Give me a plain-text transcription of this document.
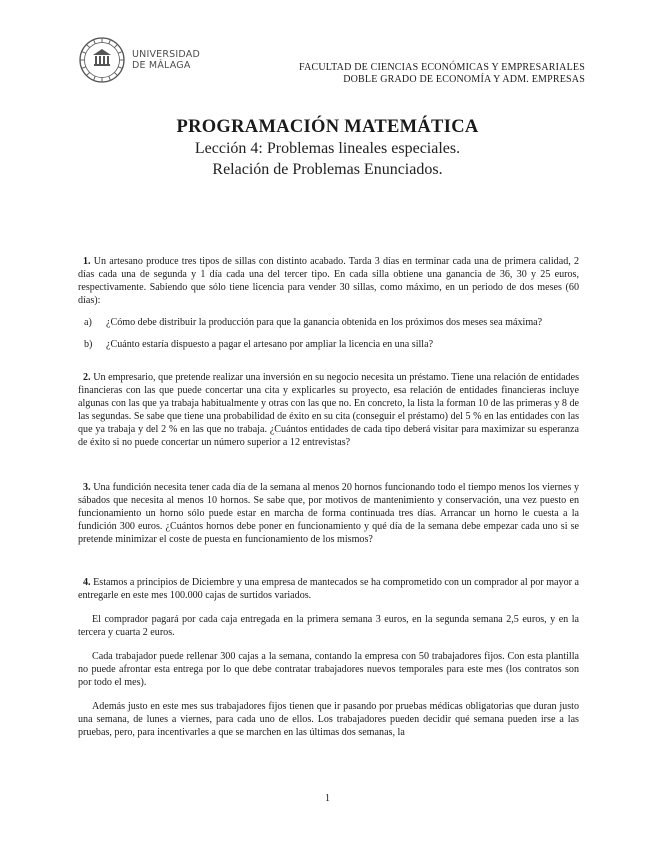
UNIVERSIDAD
DE MÁLAGA	FACULTAD DE CIENCIAS ECONÓMICAS Y EMPRESARIALES
DOBLE GRADO DE ECONOMÍA Y ADM. EMPRESAS
PROGRAMACIÓN MATEMÁTICA
Lección 4: Problemas lineales especiales.
Relación de Problemas Enunciados.

1. Un artesano produce tres tipos de sillas con distinto acabado. Tarda 3 días en terminar cada una de primera calidad, 2 días cada una de segunda y 1 día cada una del tercer tipo. En cada silla obtiene una ganancia de 36, 30 y 25 euros, respectivamente. Sabiendo que sólo tiene licencia para vender 30 sillas, como máximo, en un periodo de dos meses (60 días):

a)	¿Cómo debe distribuir la producción para que la ganancia obtenida en los próximos dos meses sea máxima?
b)	¿Cuánto estaría dispuesto a pagar el artesano por ampliar la licencia en una silla?

2. Un empresario, que pretende realizar una inversión en su negocio necesita un préstamo. Tiene una relación de entidades financieras con las que puede concertar una cita y explicarles su proyecto, esa relación de entidades financieras incluye algunas con las que ya trabaja habitualmente y otras con las que no. En concreto, la lista la forman 10 de las primeras y 8 de las segundas. Se sabe que tiene una probabilidad de éxito en su cita (conseguir el préstamo) del 5 % en las entidades con las que ya trabaja y del 2 % en las que no trabaja. ¿Cuántos entidades de cada tipo deberá visitar para maximizar su esperanza de éxito si no puede concertar un número superior a 12 entrevistas?

3. Una fundición necesita tener cada día de la semana al menos 20 hornos funcionando todo el tiempo menos los viernes y sábados que necesita al menos 10 hornos. Se sabe que, por motivos de mantenimiento y conservación, una vez puesto en funcionamiento un horno sólo puede estar en marcha de forma continuada tres días. Arrancar un horno le cuesta a la fundición 300 euros. ¿Cuántos hornos debe poner en funcionamiento y qué día de la semana debe empezar cada uno si se pretende minimizar el coste de puesta en funcionamiento de los mismos?

4. Estamos a principios de Diciembre y una empresa de mantecados se ha comprometido con un comprador al por mayor a entregarle en este mes 100.000 cajas de surtidos variados.

El comprador pagará por cada caja entregada en la primera semana 3 euros, en la segunda semana 2,5 euros, y en la tercera y cuarta 2 euros.

Cada trabajador puede rellenar 300 cajas a la semana, contando la empresa con 50 trabajadores fijos. Con esta plantilla no puede afrontar esta entrega por lo que debe contratar trabajadores nuevos temporales para este mes (los contratos son por todo el mes).

Además justo en este mes sus trabajadores fijos tienen que ir pasando por pruebas médicas obligatorias que duran justo una semana, de lunes a viernes, para cada uno de ellos. Los trabajadores pueden decidir qué semana pueden irse a las pruebas, pero, para incentivarles a que se marchen en las últimas dos semanas, la

1
